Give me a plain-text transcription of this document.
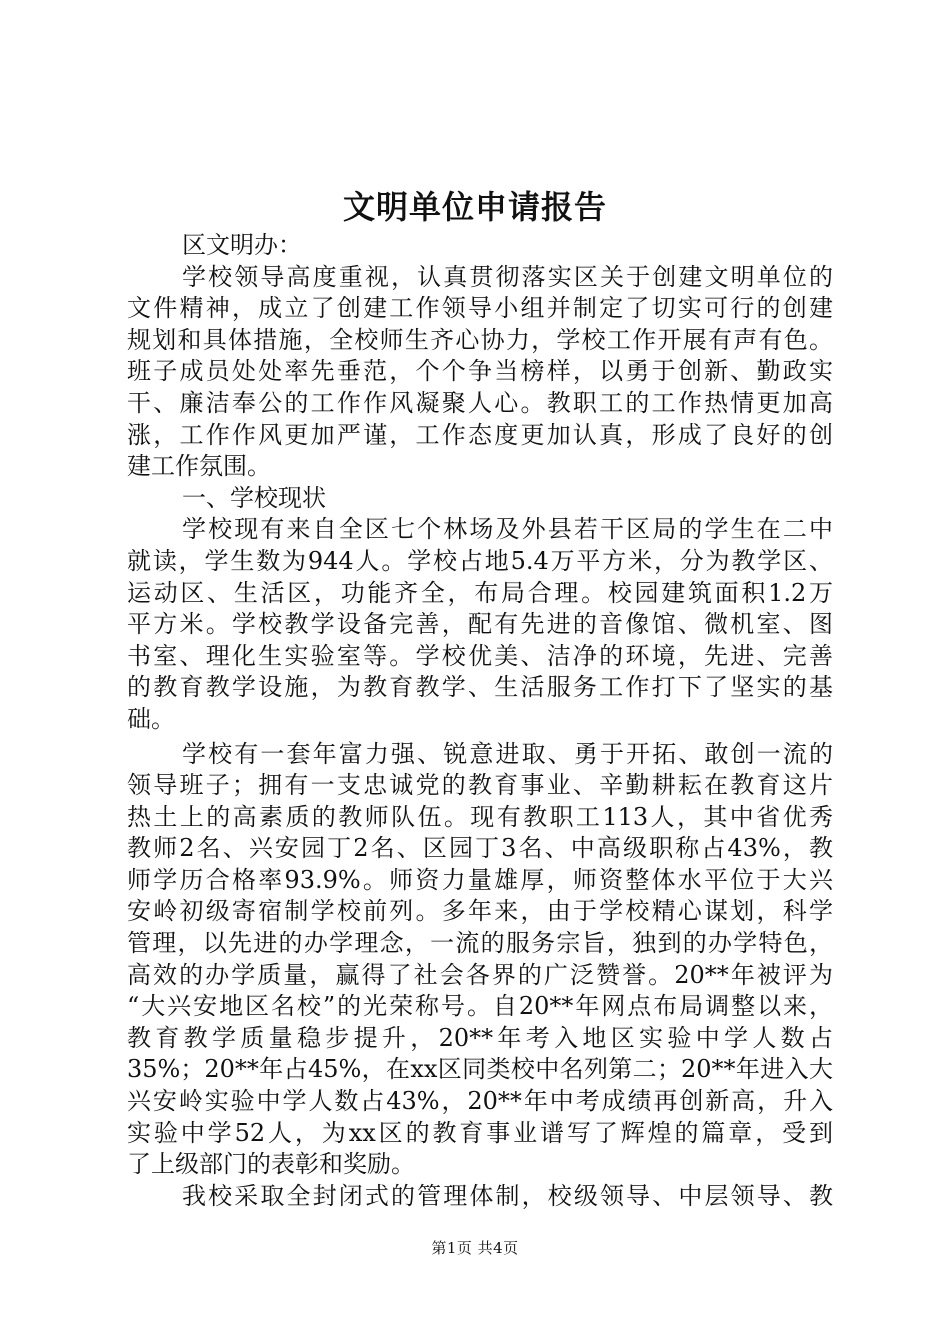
文明单位申请报告
区文明办：
学校领导高度重视，认真贯彻落实区关于创建文明单位的
文件精神，成立了创建工作领导小组并制定了切实可行的创建
规划和具体措施，全校师生齐心协力，学校工作开展有声有色。
班子成员处处率先垂范，个个争当榜样，以勇于创新、勤政实
干、廉洁奉公的工作作风凝聚人心。教职工的工作热情更加高
涨，工作作风更加严谨，工作态度更加认真，形成了良好的创
建工作氛围。
一、学校现状
学校现有来自全区七个林场及外县若干区局的学生在二中
就读，学生数为944人。学校占地5.4万平方米，分为教学区、
运动区、生活区，功能齐全，布局合理。校园建筑面积1.2万
平方米。学校教学设备完善，配有先进的音像馆、微机室、图
书室、理化生实验室等。学校优美、洁净的环境，先进、完善
的教育教学设施，为教育教学、生活服务工作打下了坚实的基
础。
学校有一套年富力强、锐意进取、勇于开拓、敢创一流的
领导班子；拥有一支忠诚党的教育事业、辛勤耕耘在教育这片
热土上的高素质的教师队伍。现有教职工113人，其中省优秀
教师2名、兴安园丁2名、区园丁3名、中高级职称占43%，教
师学历合格率93.9%。师资力量雄厚，师资整体水平位于大兴
安岭初级寄宿制学校前列。多年来，由于学校精心谋划，科学
管理，以先进的办学理念，一流的服务宗旨，独到的办学特色，
高效的办学质量，赢得了社会各界的广泛赞誉。20**年被评为
“大兴安地区名校”的光荣称号。自20**年网点布局调整以来，
教育教学质量稳步提升，20**年考入地区实验中学人数占
35%；20**年占45%，在xx区同类校中名列第二；20**年进入大
兴安岭实验中学人数占43%，20**年中考成绩再创新高，升入
实验中学52人，为xx区的教育事业谱写了辉煌的篇章，受到
了上级部门的表彰和奖励。
我校采取全封闭式的管理体制，校级领导、中层领导、教
第1页 共4页
